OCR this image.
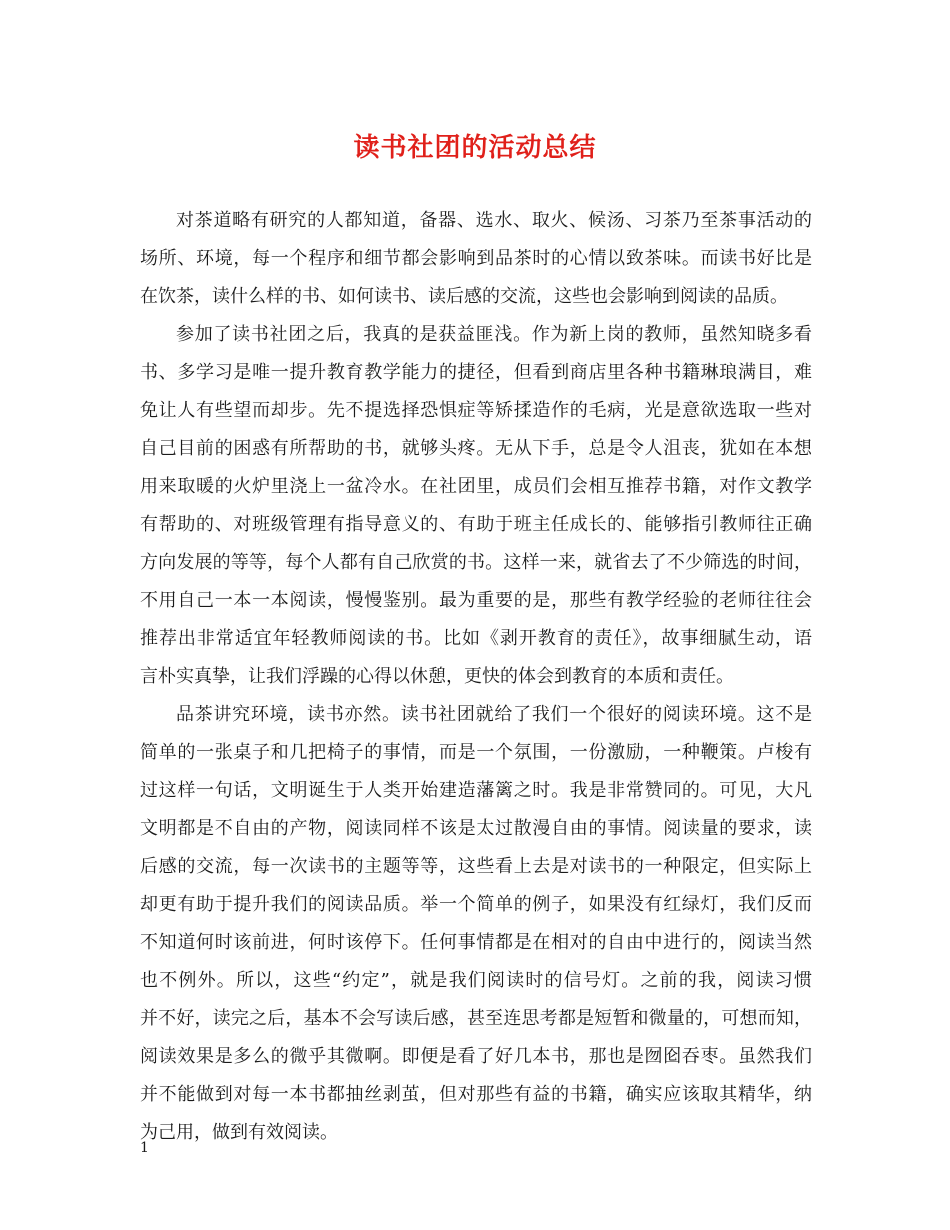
读书社团的活动总结
对茶道略有研究的人都知道，备器、选水、取火、候汤、习茶乃至茶事活动的
场所、环境，每一个程序和细节都会影响到品茶时的心情以致茶味。而读书好比是
在饮茶，读什么样的书、如何读书、读后感的交流，这些也会影响到阅读的品质。
参加了读书社团之后，我真的是获益匪浅。作为新上岗的教师，虽然知晓多看
书、多学习是唯一提升教育教学能力的捷径，但看到商店里各种书籍琳琅满目，难
免让人有些望而却步。先不提选择恐惧症等矫揉造作的毛病，光是意欲选取一些对
自己目前的困惑有所帮助的书，就够头疼。无从下手，总是令人沮丧，犹如在本想
用来取暖的火炉里浇上一盆冷水。在社团里，成员们会相互推荐书籍，对作文教学
有帮助的、对班级管理有指导意义的、有助于班主任成长的、能够指引教师往正确
方向发展的等等，每个人都有自己欣赏的书。这样一来，就省去了不少筛选的时间，
不用自己一本一本阅读，慢慢鉴别。最为重要的是，那些有教学经验的老师往往会
推荐出非常适宜年轻教师阅读的书。比如《剥开教育的责任》，故事细腻生动，语
言朴实真挚，让我们浮躁的心得以休憩，更快的体会到教育的本质和责任。
品茶讲究环境，读书亦然。读书社团就给了我们一个很好的阅读环境。这不是
简单的一张桌子和几把椅子的事情，而是一个氛围，一份激励，一种鞭策。卢梭有
过这样一句话，文明诞生于人类开始建造藩篱之时。我是非常赞同的。可见，大凡
文明都是不自由的产物，阅读同样不该是太过散漫自由的事情。阅读量的要求，读
后感的交流，每一次读书的主题等等，这些看上去是对读书的一种限定，但实际上
却更有助于提升我们的阅读品质。举一个简单的例子，如果没有红绿灯，我们反而
不知道何时该前进，何时该停下。任何事情都是在相对的自由中进行的，阅读当然
也不例外。所以，这些“约定”，就是我们阅读时的信号灯。之前的我，阅读习惯
并不好，读完之后，基本不会写读后感，甚至连思考都是短暂和微量的，可想而知，
阅读效果是多么的微乎其微啊。即便是看了好几本书，那也是囫囵吞枣。虽然我们
并不能做到对每一本书都抽丝剥茧，但对那些有益的书籍，确实应该取其精华，纳
为己用，做到有效阅读。
1
